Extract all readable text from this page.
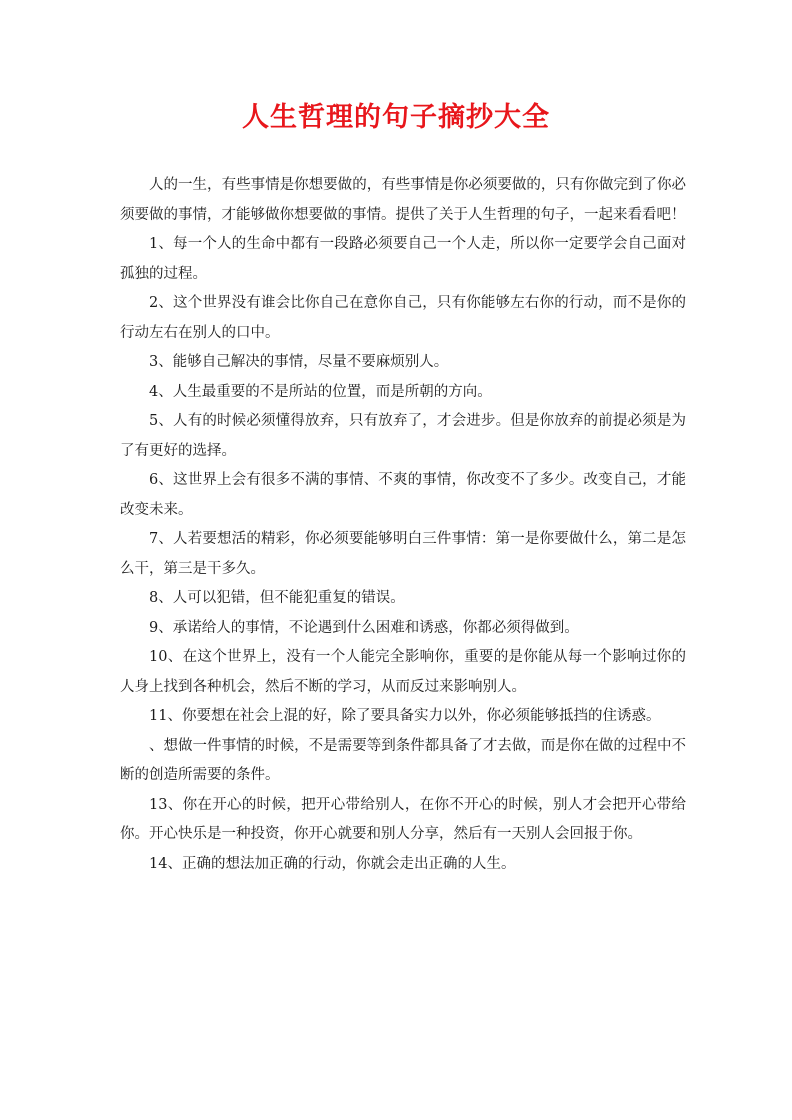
人生哲理的句子摘抄大全

人的一生，有些事情是你想要做的，有些事情是你必须要做的，只有你做完到了你必须要做的事情，才能够做你想要做的事情。提供了关于人生哲理的句子，一起来看看吧！

1、每一个人的生命中都有一段路必须要自己一个人走，所以你一定要学会自己面对孤独的过程。

2、这个世界没有谁会比你自己在意你自己，只有你能够左右你的行动，而不是你的行动左右在别人的口中。

3、能够自己解决的事情，尽量不要麻烦别人。

4、人生最重要的不是所站的位置，而是所朝的方向。

5、人有的时候必须懂得放弃，只有放弃了，才会进步。但是你放弃的前提必须是为了有更好的选择。

6、这世界上会有很多不满的事情、不爽的事情，你改变不了多少。改变自己，才能改变未来。

7、人若要想活的精彩，你必须要能够明白三件事情：第一是你要做什么，第二是怎么干，第三是干多久。

8、人可以犯错，但不能犯重复的错误。

9、承诺给人的事情，不论遇到什么困难和诱惑，你都必须得做到。

10、在这个世界上，没有一个人能完全影响你，重要的是你能从每一个影响过你的人身上找到各种机会，然后不断的学习，从而反过来影响别人。

11、你要想在社会上混的好，除了要具备实力以外，你必须能够抵挡的住诱惑。

、想做一件事情的时候，不是需要等到条件都具备了才去做，而是你在做的过程中不断的创造所需要的条件。

13、你在开心的时候，把开心带给别人，在你不开心的时候，别人才会把开心带给你。开心快乐是一种投资，你开心就要和别人分享，然后有一天别人会回报于你。

14、正确的想法加正确的行动，你就会走出正确的人生。
